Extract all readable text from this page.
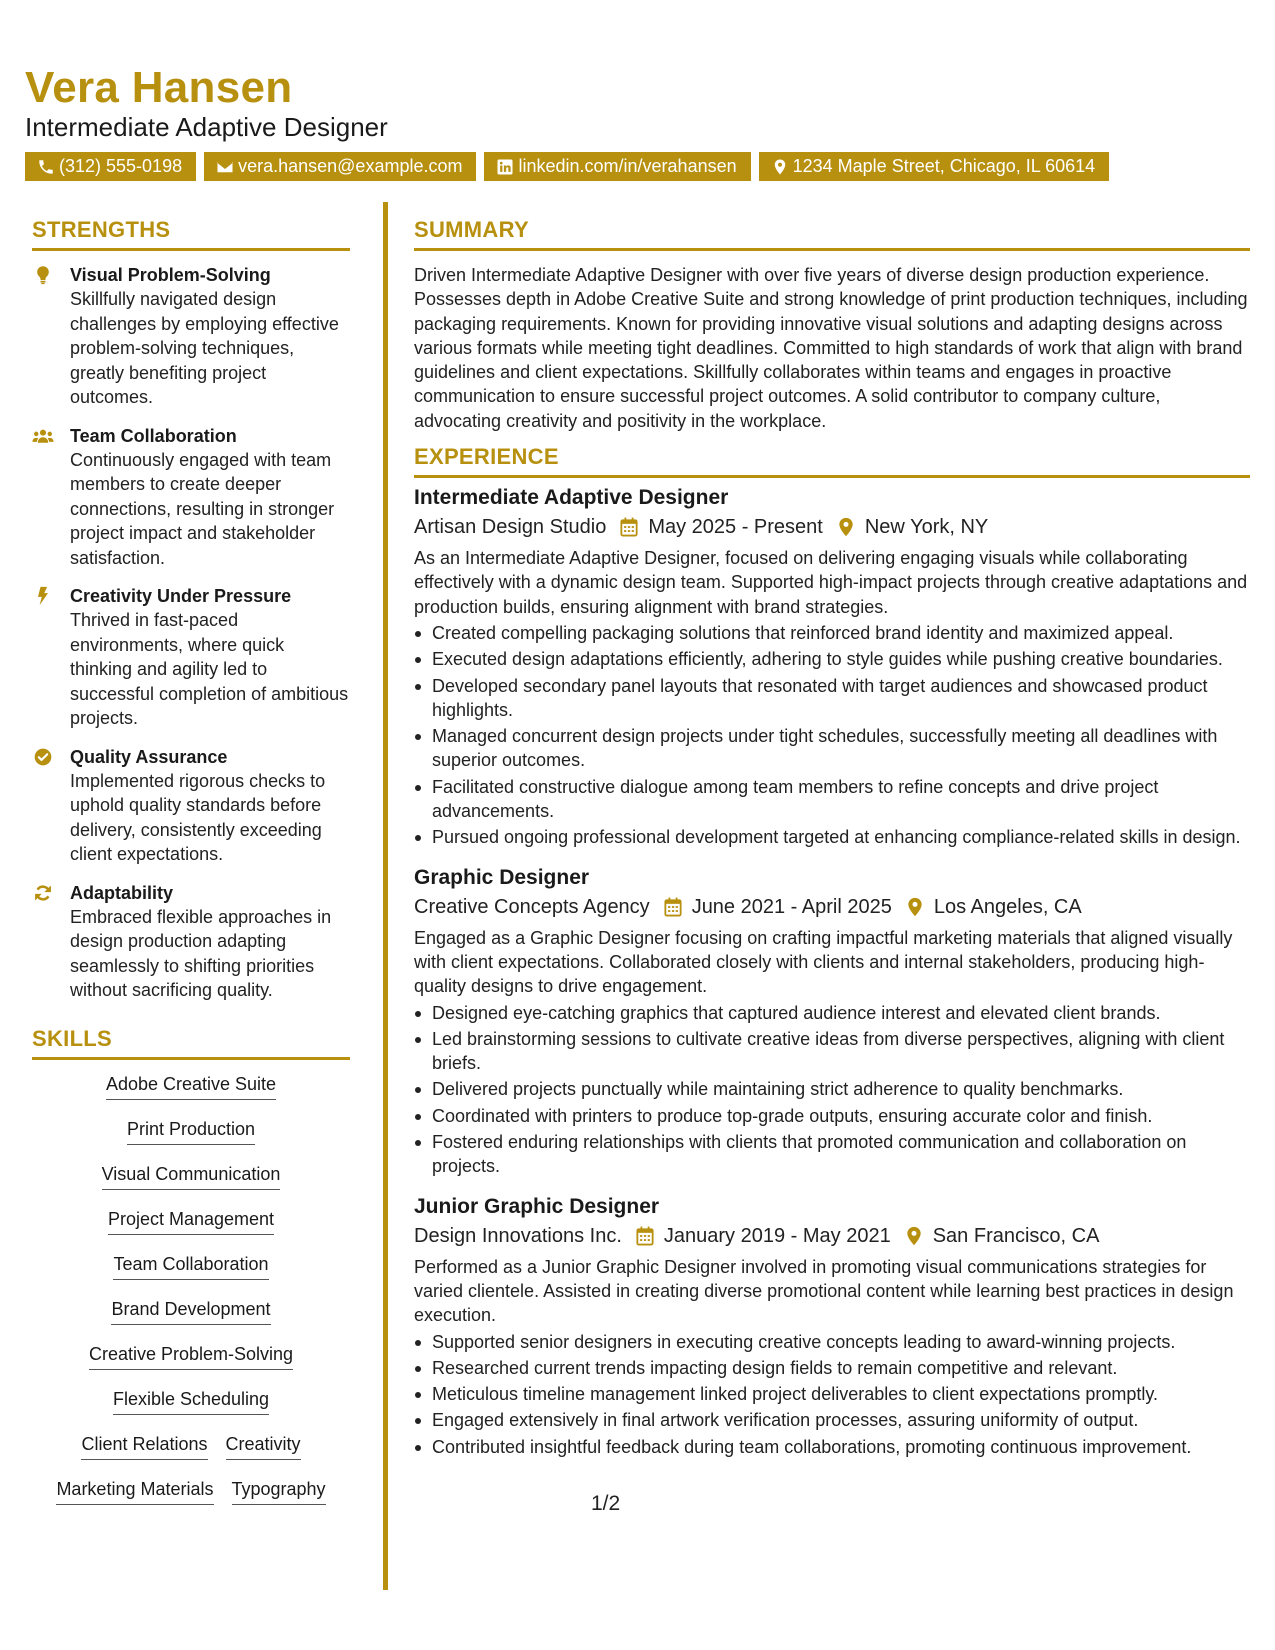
Vera Hansen
Intermediate Adaptive Designer
(312) 555-0198	vera.hansen@example.com	linkedin.com/in/verahansen	1234 Maple Street, Chicago, IL 60614
STRENGTHS
Visual Problem-Solving
Skillfully navigated design challenges by employing effective problem-solving techniques, greatly benefiting project outcomes.
Team Collaboration
Continuously engaged with team members to create deeper connections, resulting in stronger project impact and stakeholder satisfaction.
Creativity Under Pressure
Thrived in fast-paced environments, where quick thinking and agility led to successful completion of ambitious projects.
Quality Assurance
Implemented rigorous checks to uphold quality standards before delivery, consistently exceeding client expectations.
Adaptability
Embraced flexible approaches in design production adapting seamlessly to shifting priorities without sacrificing quality.
SKILLS
Adobe Creative Suite
Print Production
Visual Communication
Project Management
Team Collaboration
Brand Development
Creative Problem-Solving
Flexible Scheduling
Client Relations Creativity
Marketing Materials Typography
SUMMARY
Driven Intermediate Adaptive Designer with over five years of diverse design production experience. Possesses depth in Adobe Creative Suite and strong knowledge of print production techniques, including packaging requirements. Known for providing innovative visual solutions and adapting designs across various formats while meeting tight deadlines. Committed to high standards of work that align with brand guidelines and client expectations. Skillfully collaborates within teams and engages in proactive communication to ensure successful project outcomes. A solid contributor to company culture, advocating creativity and positivity in the workplace.
EXPERIENCE
Intermediate Adaptive Designer
Artisan Design Studio May 2025 - Present New York, NY
As an Intermediate Adaptive Designer, focused on delivering engaging visuals while collaborating effectively with a dynamic design team. Supported high-impact projects through creative adaptations and production builds, ensuring alignment with brand strategies.
Created compelling packaging solutions that reinforced brand identity and maximized appeal.
Executed design adaptations efficiently, adhering to style guides while pushing creative boundaries.
Developed secondary panel layouts that resonated with target audiences and showcased product highlights.
Managed concurrent design projects under tight schedules, successfully meeting all deadlines with superior outcomes.
Facilitated constructive dialogue among team members to refine concepts and drive project advancements.
Pursued ongoing professional development targeted at enhancing compliance-related skills in design.
Graphic Designer
Creative Concepts Agency June 2021 - April 2025 Los Angeles, CA
Engaged as a Graphic Designer focusing on crafting impactful marketing materials that aligned visually with client expectations. Collaborated closely with clients and internal stakeholders, producing high-quality designs to drive engagement.
Designed eye-catching graphics that captured audience interest and elevated client brands.
Led brainstorming sessions to cultivate creative ideas from diverse perspectives, aligning with client briefs.
Delivered projects punctually while maintaining strict adherence to quality benchmarks.
Coordinated with printers to produce top-grade outputs, ensuring accurate color and finish.
Fostered enduring relationships with clients that promoted communication and collaboration on projects.
Junior Graphic Designer
Design Innovations Inc. January 2019 - May 2021 San Francisco, CA
Performed as a Junior Graphic Designer involved in promoting visual communications strategies for varied clientele. Assisted in creating diverse promotional content while learning best practices in design execution.
Supported senior designers in executing creative concepts leading to award-winning projects.
Researched current trends impacting design fields to remain competitive and relevant.
Meticulous timeline management linked project deliverables to client expectations promptly.
Engaged extensively in final artwork verification processes, assuring uniformity of output.
Contributed insightful feedback during team collaborations, promoting continuous improvement.
1/2
